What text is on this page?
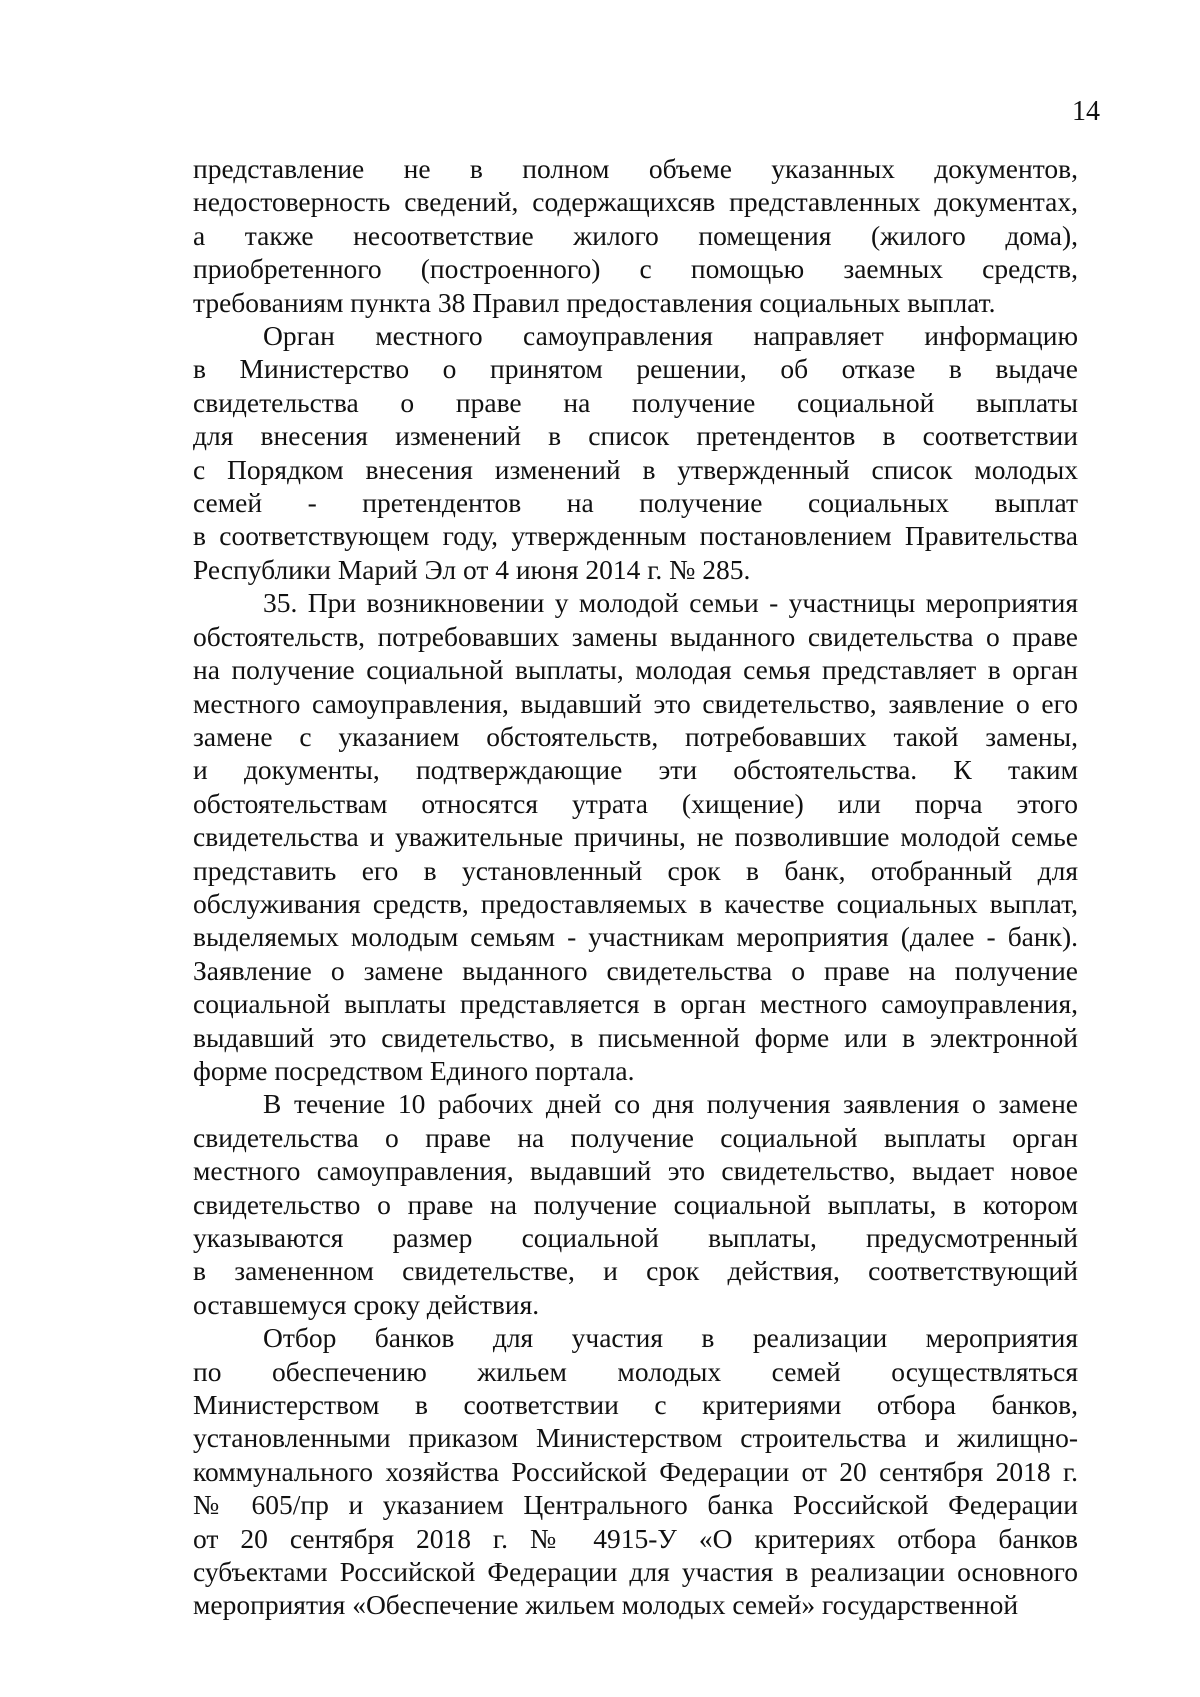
14
представление не в полном объеме указанных документов,
недостоверность сведений, содержащихсяв представленных документах,
а также несоответствие жилого помещения (жилого дома),
приобретенного (построенного) с помощью заемных средств,
требованиям пункта 38 Правил предоставления социальных выплат.
Орган местного самоуправления направляет информацию
в Министерство о принятом решении, об отказе в выдаче
свидетельства о праве на получение социальной выплаты
для внесения изменений в список претендентов в соответствии
с Порядком внесения изменений в утвержденный список молодых
семей - претендентов на получение социальных выплат
в соответствующем году, утвержденным постановлением Правительства
Республики Марий Эл от 4 июня 2014 г. № 285.
35. При возникновении у молодой семьи - участницы мероприятия
обстоятельств, потребовавших замены выданного свидетельства о праве
на получение социальной выплаты, молодая семья представляет в орган
местного самоуправления, выдавший это свидетельство, заявление о его
замене с указанием обстоятельств, потребовавших такой замены,
и документы, подтверждающие эти обстоятельства. К таким
обстоятельствам относятся утрата (хищение) или порча этого
свидетельства и уважительные причины, не позволившие молодой семье
представить его в установленный срок в банк, отобранный для
обслуживания средств, предоставляемых в качестве социальных выплат,
выделяемых молодым семьям - участникам мероприятия (далее - банк).
Заявление о замене выданного свидетельства о праве на получение
социальной выплаты представляется в орган местного самоуправления,
выдавший это свидетельство, в письменной форме или в электронной
форме посредством Единого портала.
В течение 10 рабочих дней со дня получения заявления о замене
свидетельства о праве на получение социальной выплаты орган
местного самоуправления, выдавший это свидетельство, выдает новое
свидетельство о праве на получение социальной выплаты, в котором
указываются размер социальной выплаты, предусмотренный
в замененном свидетельстве, и срок действия, соответствующий
оставшемуся сроку действия.
Отбор банков для участия в реализации мероприятия
по обеспечению жильем молодых семей осуществляться
Министерством в соответствии с критериями отбора банков,
установленными приказом Министерством строительства и жилищно-
коммунального хозяйства Российской Федерации от 20 сентября 2018 г.
№ 605/пр и указанием Центрального банка Российской Федерации
от 20 сентября 2018 г. № 4915-У «О критериях отбора банков
субъектами Российской Федерации для участия в реализации основного
мероприятия «Обеспечение жильем молодых семей» государственной
